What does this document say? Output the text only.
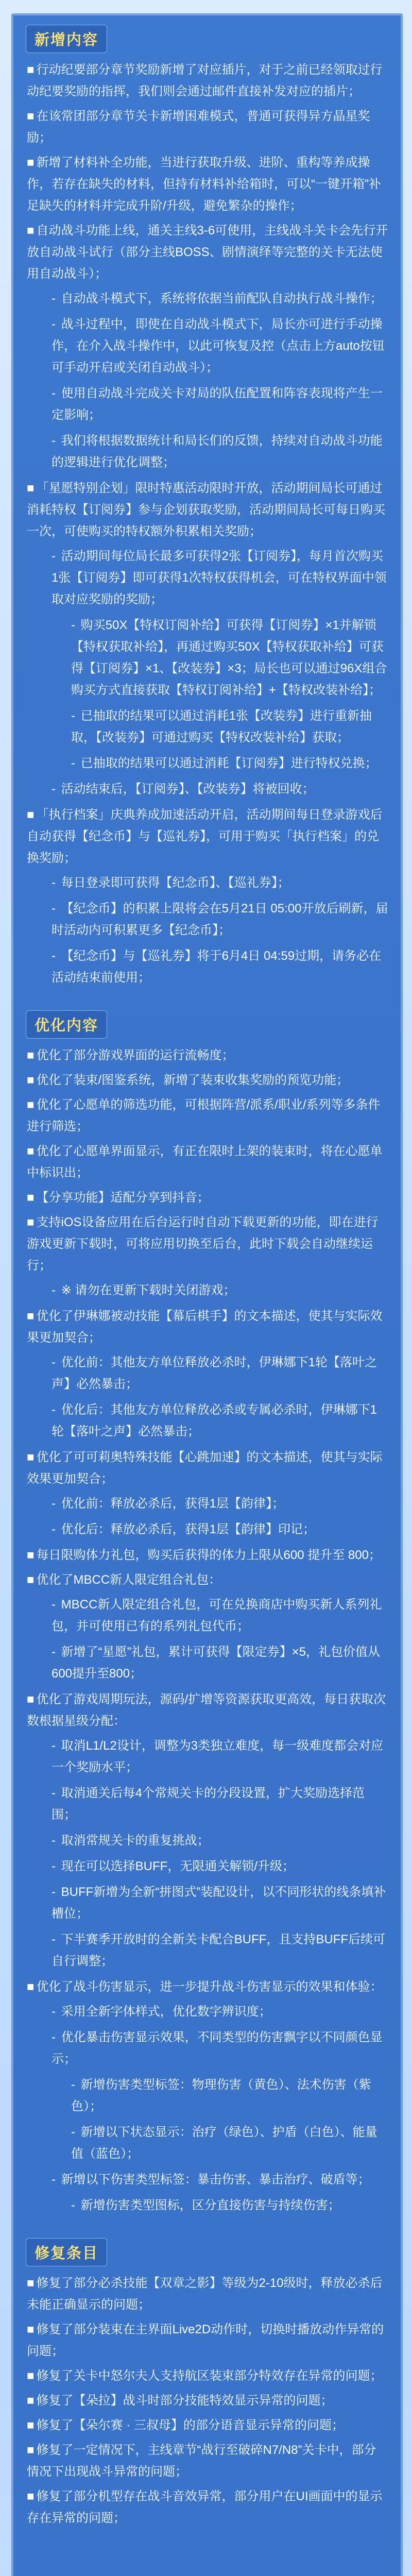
新增内容
■ 行动纪要部分章节奖励新增了对应插片，对于之前已经领取过行动纪要奖励的指挥，我们则会通过邮件直接补发对应的插片；
■ 在该常团部分章节关卡新增困难模式，普通可获得异方晶星奖励；
■ 新增了材料补全功能，当进行获取升级、进阶、重构等养成操作，若存在缺失的材料，但持有材料补给箱时，可以“一键开箱”补足缺失的材料并完成升阶/升级，避免繁杂的操作；
■ 自动战斗功能上线，通关主线3-6可使用，主线战斗关卡会先行开放自动战斗试行（部分主线BOSS、剧情演绎等完整的关卡无法使用自动战斗）；
- 自动战斗模式下，系统将依据当前配队自动执行战斗操作；
- 战斗过程中，即使在自动战斗模式下，局长亦可进行手动操作，在介入战斗操作中，以此可恢复及控（点击上方auto按钮可手动开启或关闭自动战斗）；
- 使用自动战斗完成关卡对局的队伍配置和阵容表现将产生一定影响；
- 我们将根据数据统计和局长们的反馈，持续对自动战斗功能的逻辑进行优化调整；
■ 「星愿特别企划」限时特惠活动限时开放，活动期间局长可通过消耗特权【订阅券】参与企划获取奖励，活动期间局长可每日购买一次，可使购买的特权额外积累相关奖励；
- 活动期间每位局长最多可获得2张【订阅券】，每月首次购买1张【订阅券】即可获得1次特权获得机会，可在特权界面中领取对应奖励的奖励；
- 购买50X【特权订阅补给】可获得【订阅券】×1并解锁【特权获取补给】，再通过购买50X【特权获取补给】可获得【订阅券】×1、【改装券】×3；局长也可以通过96X组合购买方式直接获取【特权订阅补给】+【特权改装补给】；
- 已抽取的结果可以通过消耗1张【改装券】进行重新抽取，【改装券】可通过购买【特权改装补给】获取；
- 已抽取的结果可以通过消耗【订阅券】进行特权兑换；
- 活动结束后，【订阅券】、【改装券】将被回收；
■ 「执行档案」庆典养成加速活动开启，活动期间每日登录游戏后自动获得【纪念币】与【巡礼券】，可用于购买「执行档案」的兑换奖励；
- 每日登录即可获得【纪念币】、【巡礼券】；
- 【纪念币】的积累上限将会在5月21日 05:00开放后刷新，届时活动内可积累更多【纪念币】；
- 【纪念币】与【巡礼券】将于6月4日 04:59过期，请务必在活动结束前使用；
优化内容
■ 优化了部分游戏界面的运行流畅度；
■ 优化了装束/图鉴系统，新增了装束收集奖励的预览功能；
■ 优化了心愿单的筛选功能，可根据阵营/派系/职业/系列等多条件进行筛选；
■ 优化了心愿单界面显示，有正在限时上架的装束时，将在心愿单中标识出；
■ 【分享功能】适配分享到抖音；
■ 支持iOS设备应用在后台运行时自动下载更新的功能，即在进行游戏更新下载时，可将应用切换至后台，此时下载会自动继续运行；
- ※ 请勿在更新下载时关闭游戏；
■ 优化了伊琳娜被动技能【幕后棋手】的文本描述，使其与实际效果更加契合；
- 优化前：其他友方单位释放必杀时，伊琳娜下1轮【落叶之声】必然暴击；
- 优化后：其他友方单位释放必杀或专属必杀时，伊琳娜下1轮【落叶之声】必然暴击；
■ 优化了可可莉奥特殊技能【心跳加速】的文本描述，使其与实际效果更加契合；
- 优化前：释放必杀后，获得1层【韵律】；
- 优化后：释放必杀后，获得1层【韵律】印记；
■ 每日限购体力礼包，购买后获得的体力上限从600 提升至 800；
■ 优化了MBCC新人限定组合礼包：
- MBCC新人限定组合礼包，可在兑换商店中购买新人系列礼包，并可使用已有的系列礼包代币；
- 新增了“星愿”礼包，累计可获得【限定券】×5，礼包价值从600提升至800；
■ 优化了游戏周期玩法，源码/扩增等资源获取更高效，每日获取次数根据星级分配：
- 取消L1/L2设计，调整为3类独立难度，每一级难度都会对应一个奖励水平；
- 取消通关后每4个常规关卡的分段设置，扩大奖励选择范围；
- 取消常规关卡的重复挑战；
- 现在可以选择BUFF，无限通关解锁/升级；
- BUFF新增为全新“拼图式”装配设计，以不同形状的线条填补槽位；
- 下半赛季开放时的全新关卡配合BUFF，且支持BUFF后续可自行调整；
■ 优化了战斗伤害显示，进一步提升战斗伤害显示的效果和体验：
- 采用全新字体样式，优化数字辨识度；
- 优化暴击伤害显示效果，不同类型的伤害飘字以不同颜色显示；
- 新增伤害类型标签：物理伤害（黄色）、法术伤害（紫色）；
- 新增以下状态显示：治疗（绿色）、护盾（白色）、能量值（蓝色）；
- 新增以下伤害类型标签：暴击伤害、暴击治疗、破盾等；
- 新增伤害类型图标，区分直接伤害与持续伤害；
修复条目
■ 修复了部分必杀技能【双章之影】等级为2-10级时，释放必杀后未能正确显示的问题；
■ 修复了部分装束在主界面Live2D动作时，切换时播放动作异常的问题；
■ 修复了关卡中怒尔夫人支持航区装束部分特效存在异常的问题；
■ 修复了【朵拉】战斗时部分技能特效显示异常的问题；
■ 修复了【朵尔赛 · 三叔母】的部分语音显示异常的问题；
■ 修复了一定情况下，主线章节“战行至破碎N7/N8”关卡中，部分情况下出现战斗异常的问题；
■ 修复了部分机型存在战斗音效异常，部分用户在UI画面中的显示存在异常的问题；
